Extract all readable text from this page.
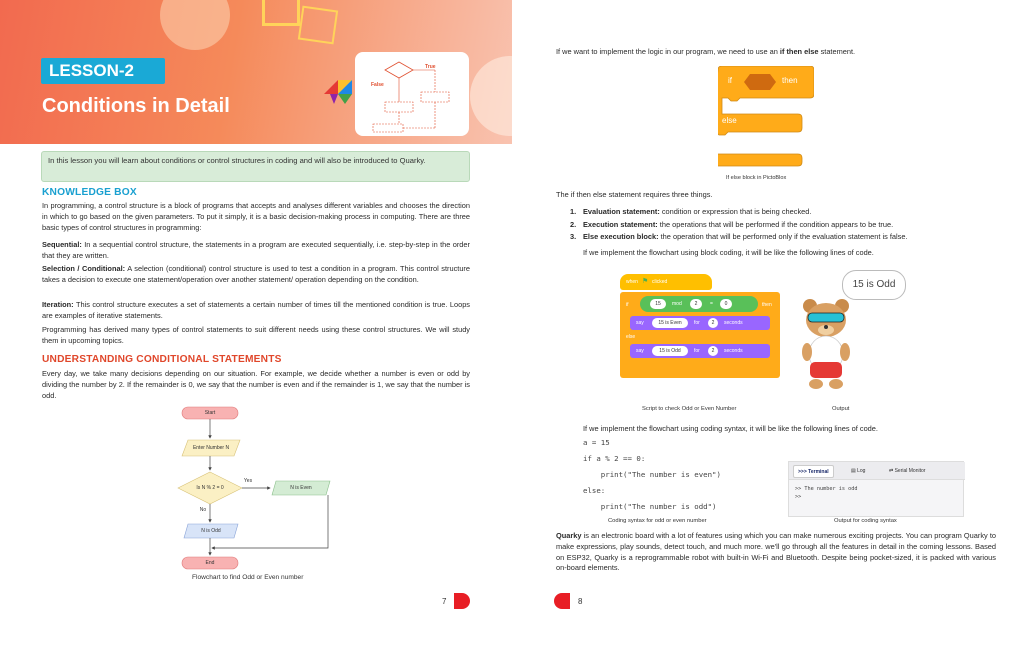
LESSON-2
Conditions in Detail
True
False
In this lesson you will learn about conditions or control structures in coding and will also be introduced to Quarky.
KNOWLEDGE BOX
In programming, a control structure is a block of programs that accepts and analyses different variables and chooses the direction in which to go based on the given parameters. To put it simply, it is a basic decision-making process in computing. There are three basic types of control structures in programming:
Sequential: In a sequential control structure, the statements in a program are executed sequentially, i.e. step-by-step in the order that they are written.
Selection / Conditional: A selection (conditional) control structure is used to test a condition in a program. This control structure takes a decision to execute one statement/operation over another statement/ operation depending on the condition.
Iteration: This control structure executes a set of statements a certain number of times till the mentioned condition is true. Loops are examples of iterative statements.
Programming has derived many types of control statements to suit different needs using these control structures. We will study them in upcoming topics.
UNDERSTANDING CONDITIONAL STATEMENTS
Every day, we take many decisions depending on our situation. For example, we decide whether a number is even or odd by dividing the number by 2. If the remainder is 0, we say that the number is even and if the remainder is 1, we say that the number is odd.
Start
Enter Number N
Is N % 2 = 0
Yes
No
N is Even
N is Odd
End
Flowchart to find Odd or Even number
7
If we want to implement the logic in our program, we need to use an if then else statement.
if	then
else
If else block in PictoBlox
The if then else statement requires three things.
1. Evaluation statement: condition or expression that is being checked.
2. Execution statement: the operations that will be performed if the condition appears to be true.
3. Else execution block: the operation that will be performed only if the evaluation statement is false.
If we implement the flowchart using block coding, it will be like the following lines of code.
when ⚑ clicked
if	15	mod	2	=	0	then
say	15 is Even	for	2	seconds
else
say	15 is Odd	for	2	seconds
15 is Odd
Script to check Odd or Even Number	Output
If we implement the flowchart using coding syntax, it will be like the following lines of code.
a = 15
if a % 2 == 0:
print("The number is even")
else:
print("The number is odd")
>>> Terminal	▤ Log	⇄ Serial Monitor
>> The number is odd
>>
Coding syntax for odd or even number	Output for coding syntax
Quarky is an electronic board with a lot of features using which you can make numerous exciting projects. You can program Quarky to make expressions, play sounds, detect touch, and much more. we'll go through all the features in detail in the coming lessons. Based on ESP32, Quarky is a reprogrammable robot with built-in Wi-Fi and Bluetooth. Despite being pocket-sized, it is packed with various on-board elements.
8
